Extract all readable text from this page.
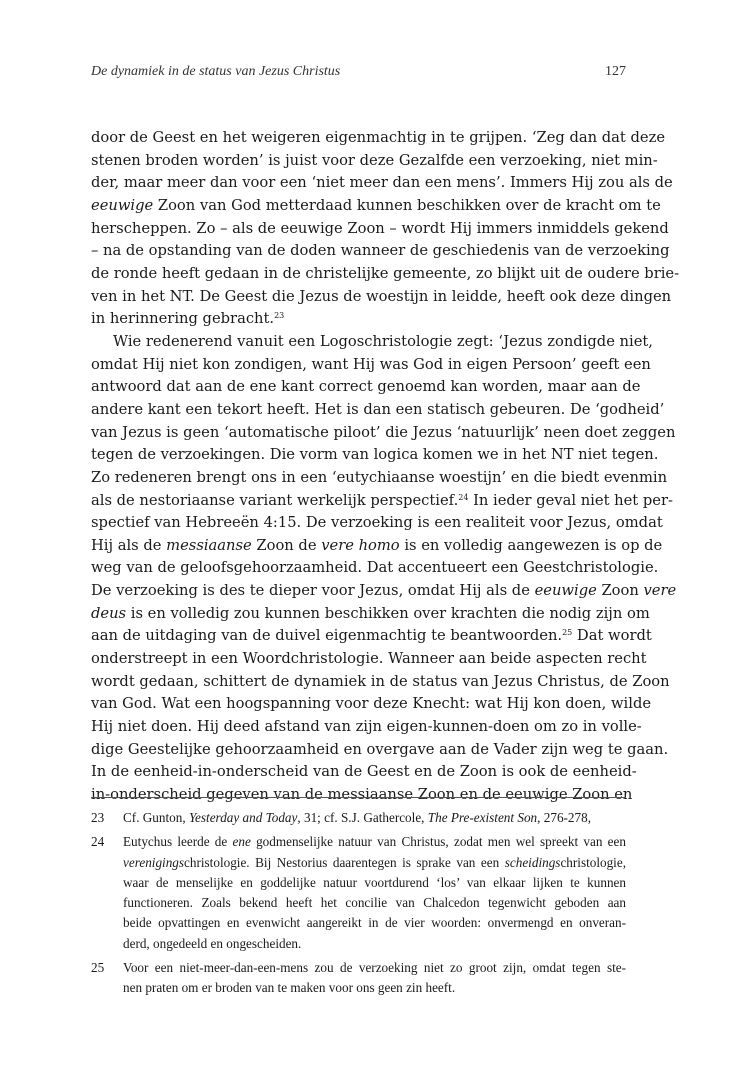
De dynamiek in de status van Jezus Christus	127
door de Geest en het weigeren eigenmachtig in te grijpen. ‘Zeg dan dat deze
stenen broden worden’ is juist voor deze Gezalfde een verzoeking, niet min-
der, maar meer dan voor een ‘niet meer dan een mens’. Immers Hij zou als de
eeuwige Zoon van God metterdaad kunnen beschikken over de kracht om te
herscheppen. Zo – als de eeuwige Zoon – wordt Hij immers inmiddels gekend
– na de opstanding van de doden wanneer de geschiedenis van de verzoeking
de ronde heeft gedaan in de christelijke gemeente, zo blijkt uit de oudere brie-
ven in het NT. De Geest die Jezus de woestijn in leidde, heeft ook deze dingen
in herinnering gebracht.$^{23}$
Wie redenerend vanuit een Logoschristologie zegt: ‘Jezus zondigde niet,
omdat Hij niet kon zondigen, want Hij was God in eigen Persoon’ geeft een
antwoord dat aan de ene kant correct genoemd kan worden, maar aan de
andere kant een tekort heeft. Het is dan een statisch gebeuren. De ‘godheid’
van Jezus is geen ‘automatische piloot’ die Jezus ‘natuurlijk’ neen doet zeggen
tegen de verzoekingen. Die vorm van logica komen we in het NT niet tegen.
Zo redeneren brengt ons in een ‘eutychiaanse woestijn’ en die biedt evenmin
als de nestoriaanse variant werkelijk perspectief.$^{24}$ In ieder geval niet het per-
spectief van Hebreeën 4:15. De verzoeking is een realiteit voor Jezus, omdat
Hij als de messiaanse Zoon de vere homo is en volledig aangewezen is op de
weg van de geloofsgehoorzaamheid. Dat accentueert een Geestchristologie.
De verzoeking is des te dieper voor Jezus, omdat Hij als de eeuwige Zoon vere
deus is en volledig zou kunnen beschikken over krachten die nodig zijn om
aan de uitdaging van de duivel eigenmachtig te beantwoorden.$^{25}$ Dat wordt
onderstreept in een Woordchristologie. Wanneer aan beide aspecten recht
wordt gedaan, schittert de dynamiek in de status van Jezus Christus, de Zoon
van God. Wat een hoogspanning voor deze Knecht: wat Hij kon doen, wilde
Hij niet doen. Hij deed afstand van zijn eigen-kunnen-doen om zo in volle-
dige Geestelijke gehoorzaamheid en overgave aan de Vader zijn weg te gaan.
In de eenheid-in-onderscheid van de Geest en de Zoon is ook de eenheid-
in-onderscheid gegeven van de messiaanse Zoon en de eeuwige Zoon en
23 Cf. Gunton, Yesterday and Today, 31; cf. S.J. Gathercole, The Pre-existent Son, 276-278,
24 Eutychus leerde de ene godmenselijke natuur van Christus, zodat men wel spreekt van een
verenigingschristologie. Bij Nestorius daarentegen is sprake van een scheidingschristologie,
waar de menselijke en goddelijke natuur voortdurend ‘los’ van elkaar lijken te kunnen
functioneren. Zoals bekend heeft het concilie van Chalcedon tegenwicht geboden aan
beide opvattingen en evenwicht aangereikt in de vier woorden: onvermengd en onveran-
derd, ongedeeld en ongescheiden.
25 Voor een niet-meer-dan-een-mens zou de verzoeking niet zo groot zijn, omdat tegen ste-
nen praten om er broden van te maken voor ons geen zin heeft.
